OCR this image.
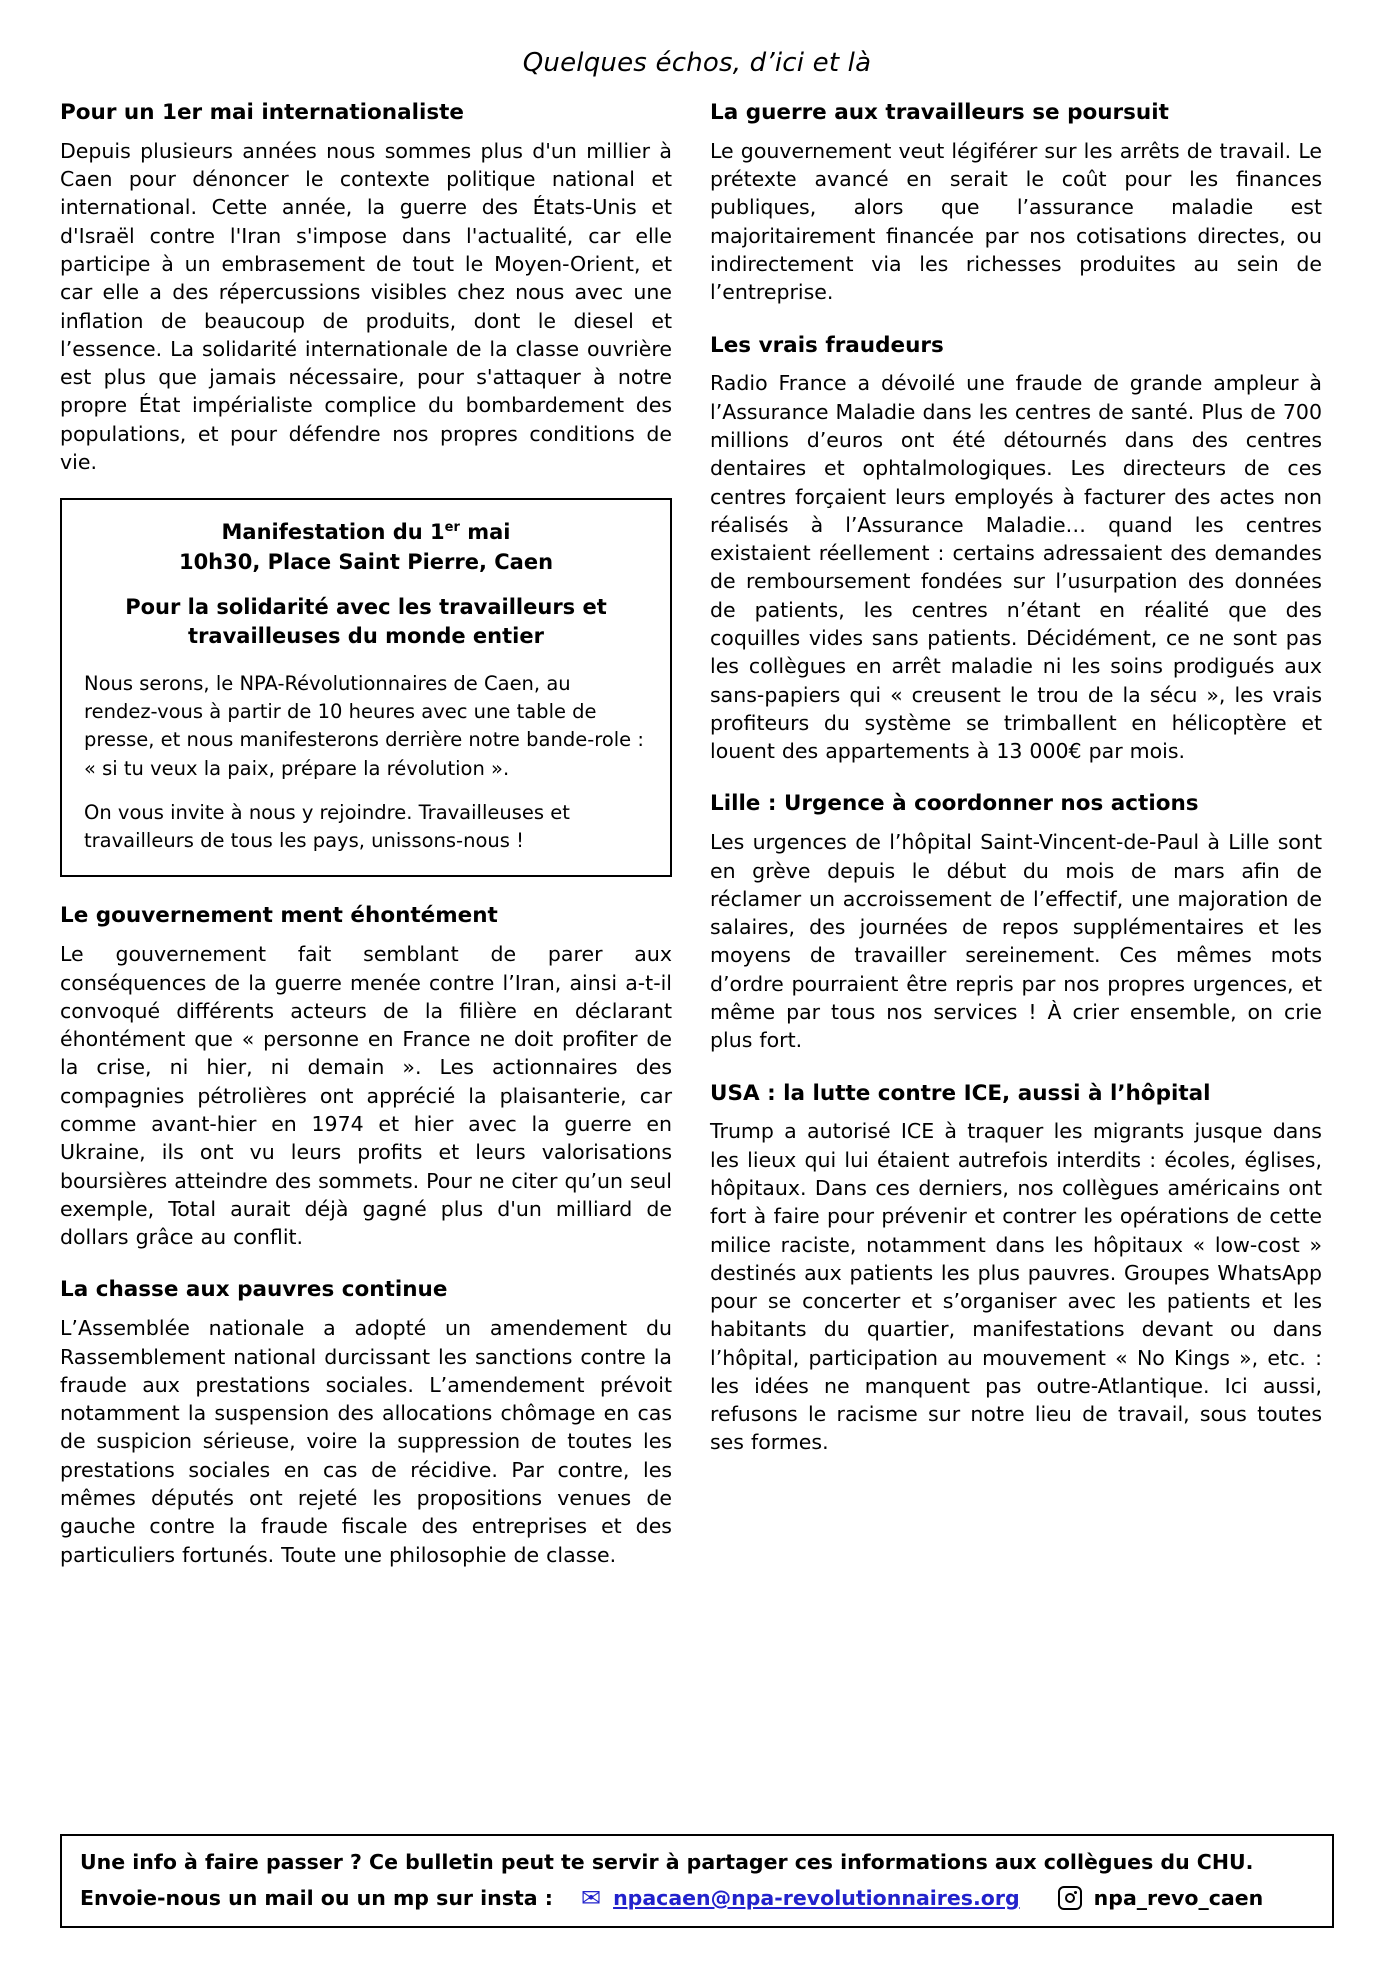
Quelques échos, d’ici et là
Pour un 1er mai internationaliste

Depuis plusieurs années nous sommes plus d'un millier à Caen pour dénoncer le contexte politique national et international. Cette année, la guerre des États-Unis et d'Israël contre l'Iran s'impose dans l'actualité, car elle participe à un embrasement de tout le Moyen-Orient, et car elle a des répercussions visibles chez nous avec une inflation de beaucoup de produits, dont le diesel et l’essence. La solidarité internationale de la classe ouvrière est plus que jamais nécessaire, pour s'attaquer à notre propre État impérialiste complice du bombardement des populations, et pour défendre nos propres conditions de vie.

Manifestation du 1er mai
10h30, Place Saint Pierre, Caen
Pour la solidarité avec les travailleurs et travailleuses du monde entier

Nous serons, le NPA-Révolutionnaires de Caen, au rendez-vous à partir de 10 heures avec une table de presse, et nous manifesterons derrière notre bande-role : « si tu veux la paix, prépare la révolution ».

On vous invite à nous y rejoindre. Travailleuses et travailleurs de tous les pays, unissons-nous !

Le gouvernement ment éhontément

Le gouvernement fait semblant de parer aux conséquences de la guerre menée contre l’Iran, ainsi a-t-il convoqué différents acteurs de la filière en déclarant éhontément que « personne en France ne doit profiter de la crise, ni hier, ni demain ». Les actionnaires des compagnies pétrolières ont apprécié la plaisanterie, car comme avant-hier en 1974 et hier avec la guerre en Ukraine, ils ont vu leurs profits et leurs valorisations boursières atteindre des sommets. Pour ne citer qu’un seul exemple, Total aurait déjà gagné plus d'un milliard de dollars grâce au conflit.

La chasse aux pauvres continue

L’Assemblée nationale a adopté un amendement du Rassemblement national durcissant les sanctions contre la fraude aux prestations sociales. L’amendement prévoit notamment la suspension des allocations chômage en cas de suspicion sérieuse, voire la suppression de toutes les prestations sociales en cas de récidive. Par contre, les mêmes députés ont rejeté les propositions venues de gauche contre la fraude fiscale des entreprises et des particuliers fortunés. Toute une philosophie de classe.

La guerre aux travailleurs se poursuit

Le gouvernement veut légiférer sur les arrêts de travail. Le prétexte avancé en serait le coût pour les finances publiques, alors que l’assurance maladie est majoritairement financée par nos cotisations directes, ou indirectement via les richesses produites au sein de l’entreprise.

Les vrais fraudeurs

Radio France a dévoilé une fraude de grande ampleur à l’Assurance Maladie dans les centres de santé. Plus de 700 millions d’euros ont été détournés dans des centres dentaires et ophtalmologiques. Les directeurs de ces centres forçaient leurs employés à facturer des actes non réalisés à l’Assurance Maladie… quand les centres existaient réellement : certains adressaient des demandes de remboursement fondées sur l’usurpation des données de patients, les centres n’étant en réalité que des coquilles vides sans patients. Décidément, ce ne sont pas les collègues en arrêt maladie ni les soins prodigués aux sans-papiers qui « creusent le trou de la sécu », les vrais profiteurs du système se trimballent en hélicoptère et louent des appartements à 13 000€ par mois.

Lille : Urgence à coordonner nos actions

Les urgences de l’hôpital Saint-Vincent-de-Paul à Lille sont en grève depuis le début du mois de mars afin de réclamer un accroissement de l’effectif, une majoration de salaires, des journées de repos supplémentaires et les moyens de travailler sereinement. Ces mêmes mots d’ordre pourraient être repris par nos propres urgences, et même par tous nos services ! À crier ensemble, on crie plus fort.

USA : la lutte contre ICE, aussi à l’hôpital

Trump a autorisé ICE à traquer les migrants jusque dans les lieux qui lui étaient autrefois interdits : écoles, églises, hôpitaux. Dans ces derniers, nos collègues américains ont fort à faire pour prévenir et contrer les opérations de cette milice raciste, notamment dans les hôpitaux « low-cost » destinés aux patients les plus pauvres. Groupes WhatsApp pour se concerter et s’organiser avec les patients et les habitants du quartier, manifestations devant ou dans l’hôpital, participation au mouvement « No Kings », etc. : les idées ne manquent pas outre-Atlantique. Ici aussi, refusons le racisme sur notre lieu de travail, sous toutes ses formes.

Une info à faire passer ? Ce bulletin peut te servir à partager ces informations aux collègues du CHU.
Envoie-nous un mail ou un mp sur insta : ✉ npacaen@npa-revolutionnaires.org	npa_revo_caen
